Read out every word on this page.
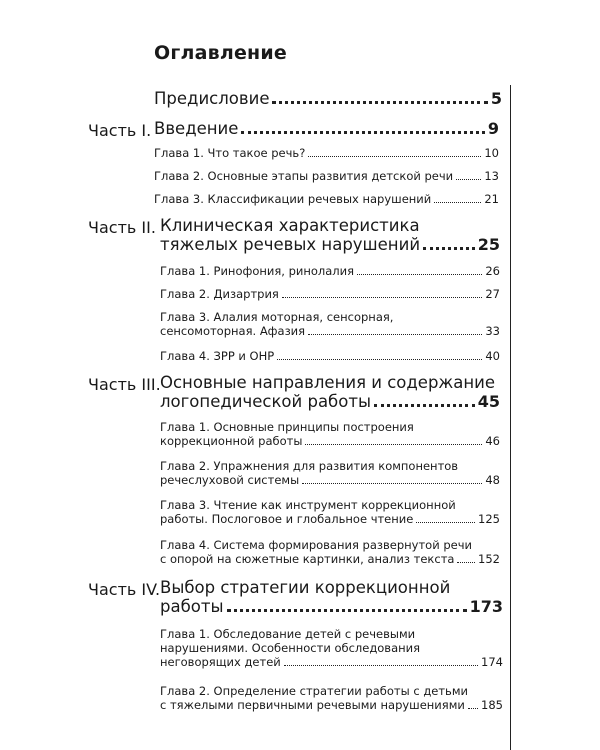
Оглавление
Предисловие	5
Часть I. Введение	9
Глава 1. Что такое речь?	10
Глава 2. Основные этапы развития детской речи	13
Глава 3. Классификации речевых нарушений	21
Часть II. Клиническая характеристика
тяжелых речевых нарушений	25
Глава 1. Ринофония, ринолалия	26
Глава 2. Дизартрия	27
Глава 3. Алалия моторная, сенсорная,
сенсомоторная. Афазия	33
Глава 4. ЗРР и ОНР	40
Часть III. Основные направления и содержание
логопедической работы	45
Глава 1. Основные принципы построения
коррекционной работы	46
Глава 2. Упражнения для развития компонентов
речеслуховой системы	48
Глава 3. Чтение как инструмент коррекционной
работы. Послоговое и глобальное чтение	125
Глава 4. Система формирования развернутой речи
с опорой на сюжетные картинки, анализ текста 152
Часть IV. Выбор стратегии коррекционной
работы	173
Глава 1. Обследование детей с речевыми
нарушениями. Особенности обследования
неговорящих детей	174
Глава 2. Определение стратегии работы с детьми
с тяжелыми первичными речевыми нарушениями 185
